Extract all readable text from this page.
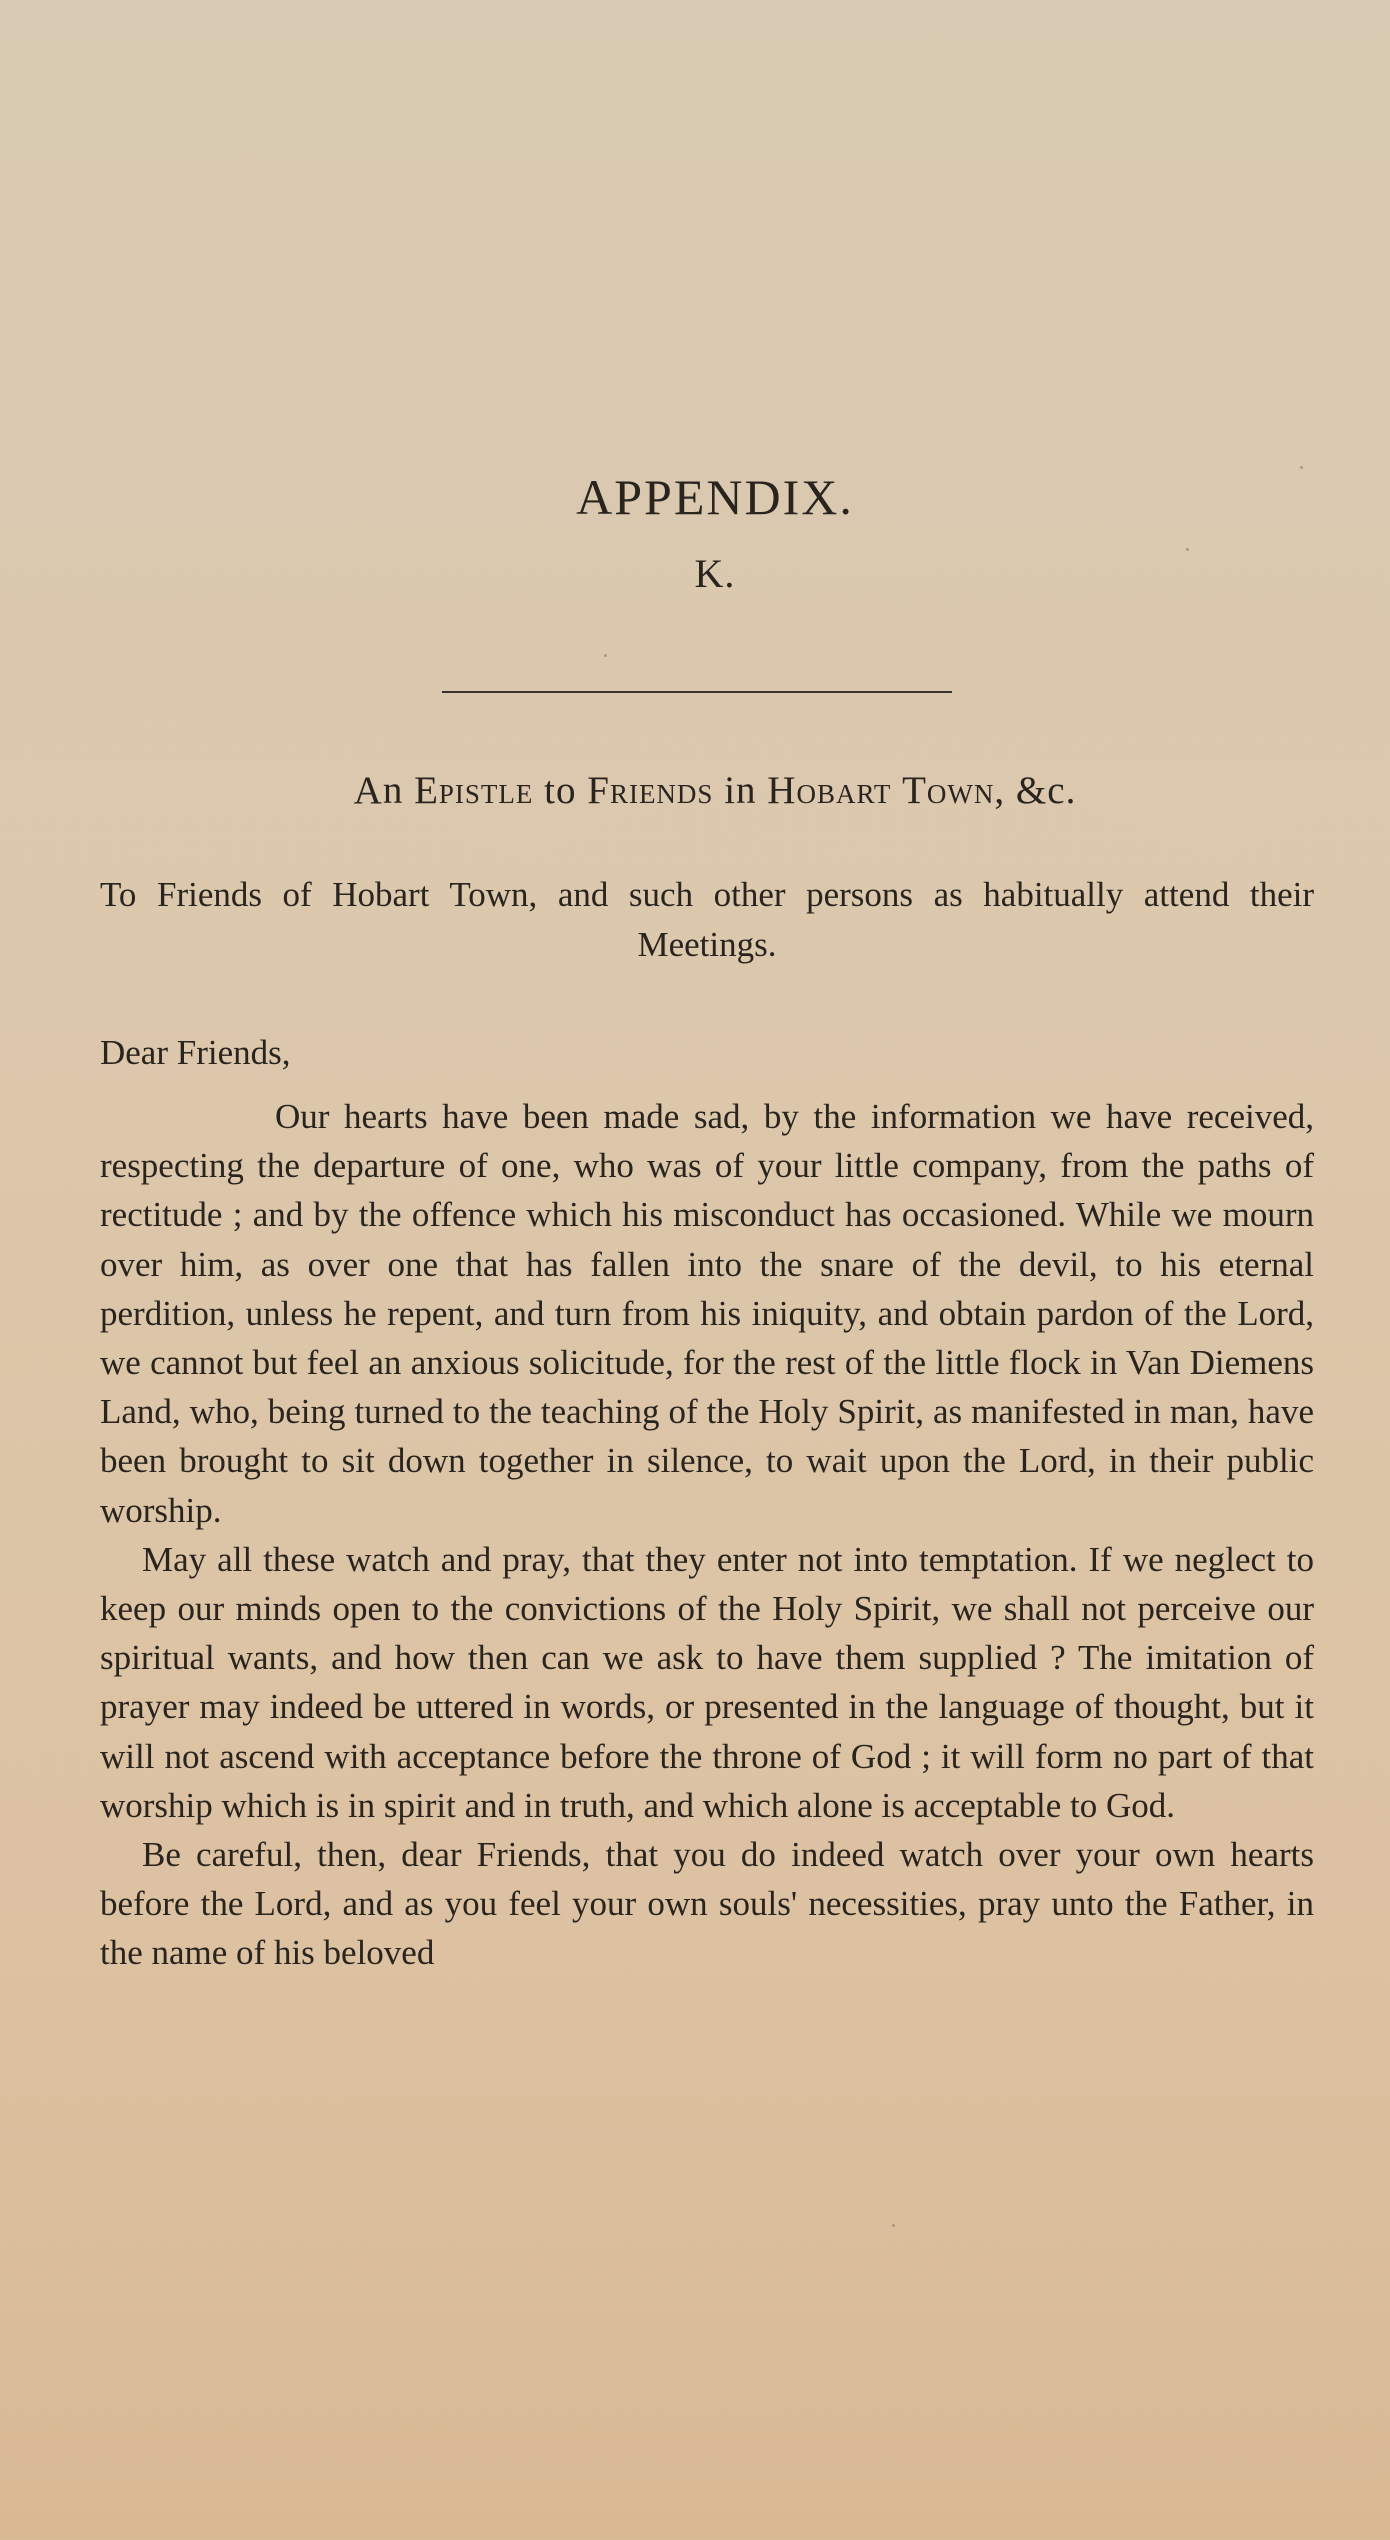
APPENDIX.
K.
An Epistle to Friends in Hobart Town, &c.
To Friends of Hobart Town, and such other persons as habitually attend their Meetings.
Dear Friends,

Our hearts have been made sad, by the information we have received, respecting the departure of one, who was of your little company, from the paths of rectitude ; and by the offence which his misconduct has occasioned. While we mourn over him, as over one that has fallen into the snare of the devil, to his eternal perdition, unless he repent, and turn from his iniquity, and obtain pardon of the Lord, we cannot but feel an anxious solicitude, for the rest of the little flock in Van Diemens Land, who, being turned to the teaching of the Holy Spirit, as manifested in man, have been brought to sit down together in silence, to wait upon the Lord, in their public worship.

May all these watch and pray, that they enter not into temptation. If we neglect to keep our minds open to the convictions of the Holy Spirit, we shall not perceive our spiritual wants, and how then can we ask to have them supplied ? The imitation of prayer may indeed be uttered in words, or presented in the language of thought, but it will not ascend with acceptance before the throne of God ; it will form no part of that worship which is in spirit and in truth, and which alone is acceptable to God.

Be careful, then, dear Friends, that you do indeed watch over your own hearts before the Lord, and as you feel your own souls' necessities, pray unto the Father, in the name of his beloved
